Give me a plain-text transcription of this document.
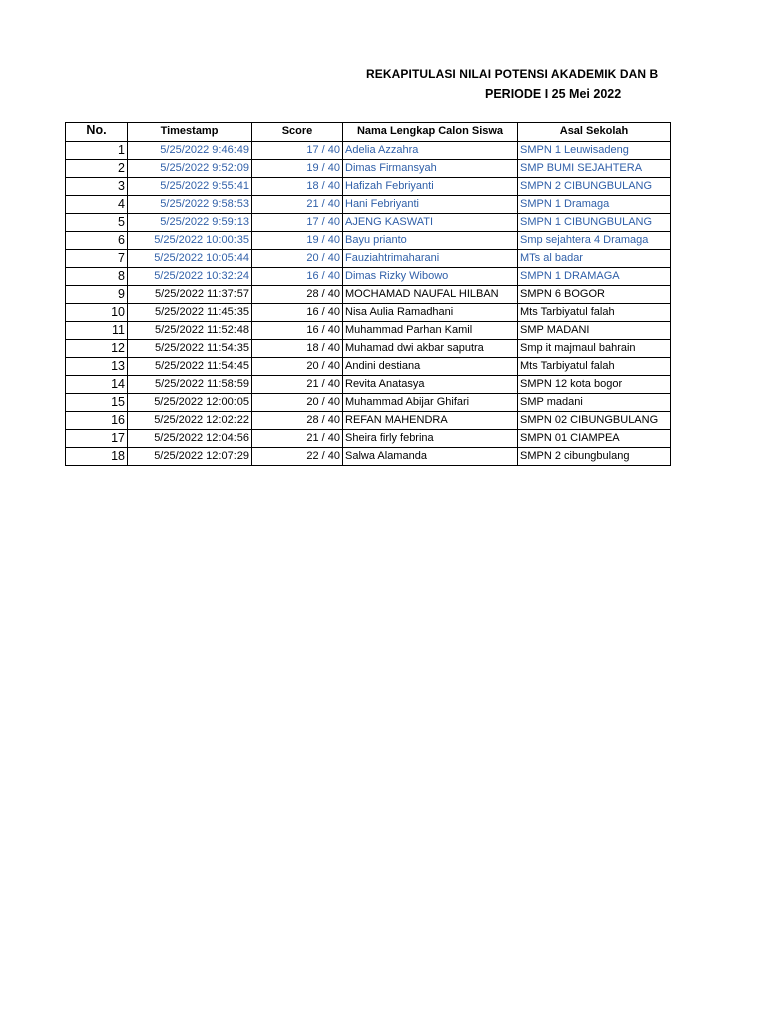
REKAPITULASI NILAI POTENSI AKADEMIK DAN B
PERIODE I 25 Mei 2022
No.	Timestamp	Score	Nama Lengkap Calon Siswa	Asal Sekolah
1	5/25/2022 9:46:49	17 / 40	Adelia Azzahra	SMPN 1 Leuwisadeng
2	5/25/2022 9:52:09	19 / 40	Dimas Firmansyah	SMP BUMI SEJAHTERA
3	5/25/2022 9:55:41	18 / 40	Hafizah Febriyanti	SMPN 2 CIBUNGBULANG
4	5/25/2022 9:58:53	21 / 40	Hani Febriyanti	SMPN 1 Dramaga
5	5/25/2022 9:59:13	17 / 40	AJENG KASWATI	SMPN 1 CIBUNGBULANG
6	5/25/2022 10:00:35	19 / 40	Bayu prianto	Smp sejahtera 4 Dramaga
7	5/25/2022 10:05:44	20 / 40	Fauziahtrimaharani	MTs al badar
8	5/25/2022 10:32:24	16 / 40	Dimas Rizky Wibowo	SMPN 1 DRAMAGA
9	5/25/2022 11:37:57	28 / 40	MOCHAMAD NAUFAL HILBAN	SMPN 6 BOGOR
10	5/25/2022 11:45:35	16 / 40	Nisa Aulia Ramadhani	Mts Tarbiyatul falah
11	5/25/2022 11:52:48	16 / 40	Muhammad Parhan Kamil	SMP MADANI
12	5/25/2022 11:54:35	18 / 40	Muhamad dwi akbar saputra	Smp it majmaul bahrain
13	5/25/2022 11:54:45	20 / 40	Andini destiana	Mts Tarbiyatul falah
14	5/25/2022 11:58:59	21 / 40	Revita Anatasya	SMPN 12 kota bogor
15	5/25/2022 12:00:05	20 / 40	Muhammad Abijar Ghifari	SMP madani
16	5/25/2022 12:02:22	28 / 40	REFAN MAHENDRA	SMPN 02 CIBUNGBULANG
17	5/25/2022 12:04:56	21 / 40	Sheira firly febrina	SMPN 01 CIAMPEA
18	5/25/2022 12:07:29	22 / 40	Salwa Alamanda	SMPN 2 cibungbulang
